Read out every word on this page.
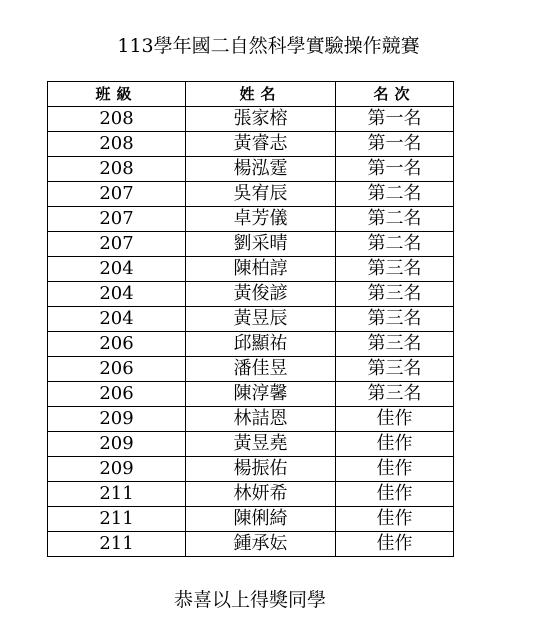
113學年國二自然科學實驗操作競賽
班級	姓名	名次
208	張家榕	第一名
208	黃睿志	第一名
208	楊泓霆	第一名
207	吳宥辰	第二名
207	卓芳儀	第二名
207	劉采晴	第二名
204	陳柏諄	第三名
204	黃俊諺	第三名
204	黃昱辰	第三名
206	邱顯祐	第三名
206	潘佳昱	第三名
206	陳淳馨	第三名
209	林詰恩	佳作
209	黃昱堯	佳作
209	楊振佑	佳作
211	林妍希	佳作
211	陳俐綺	佳作
211	鍾承妘	佳作
恭喜以上得獎同學
